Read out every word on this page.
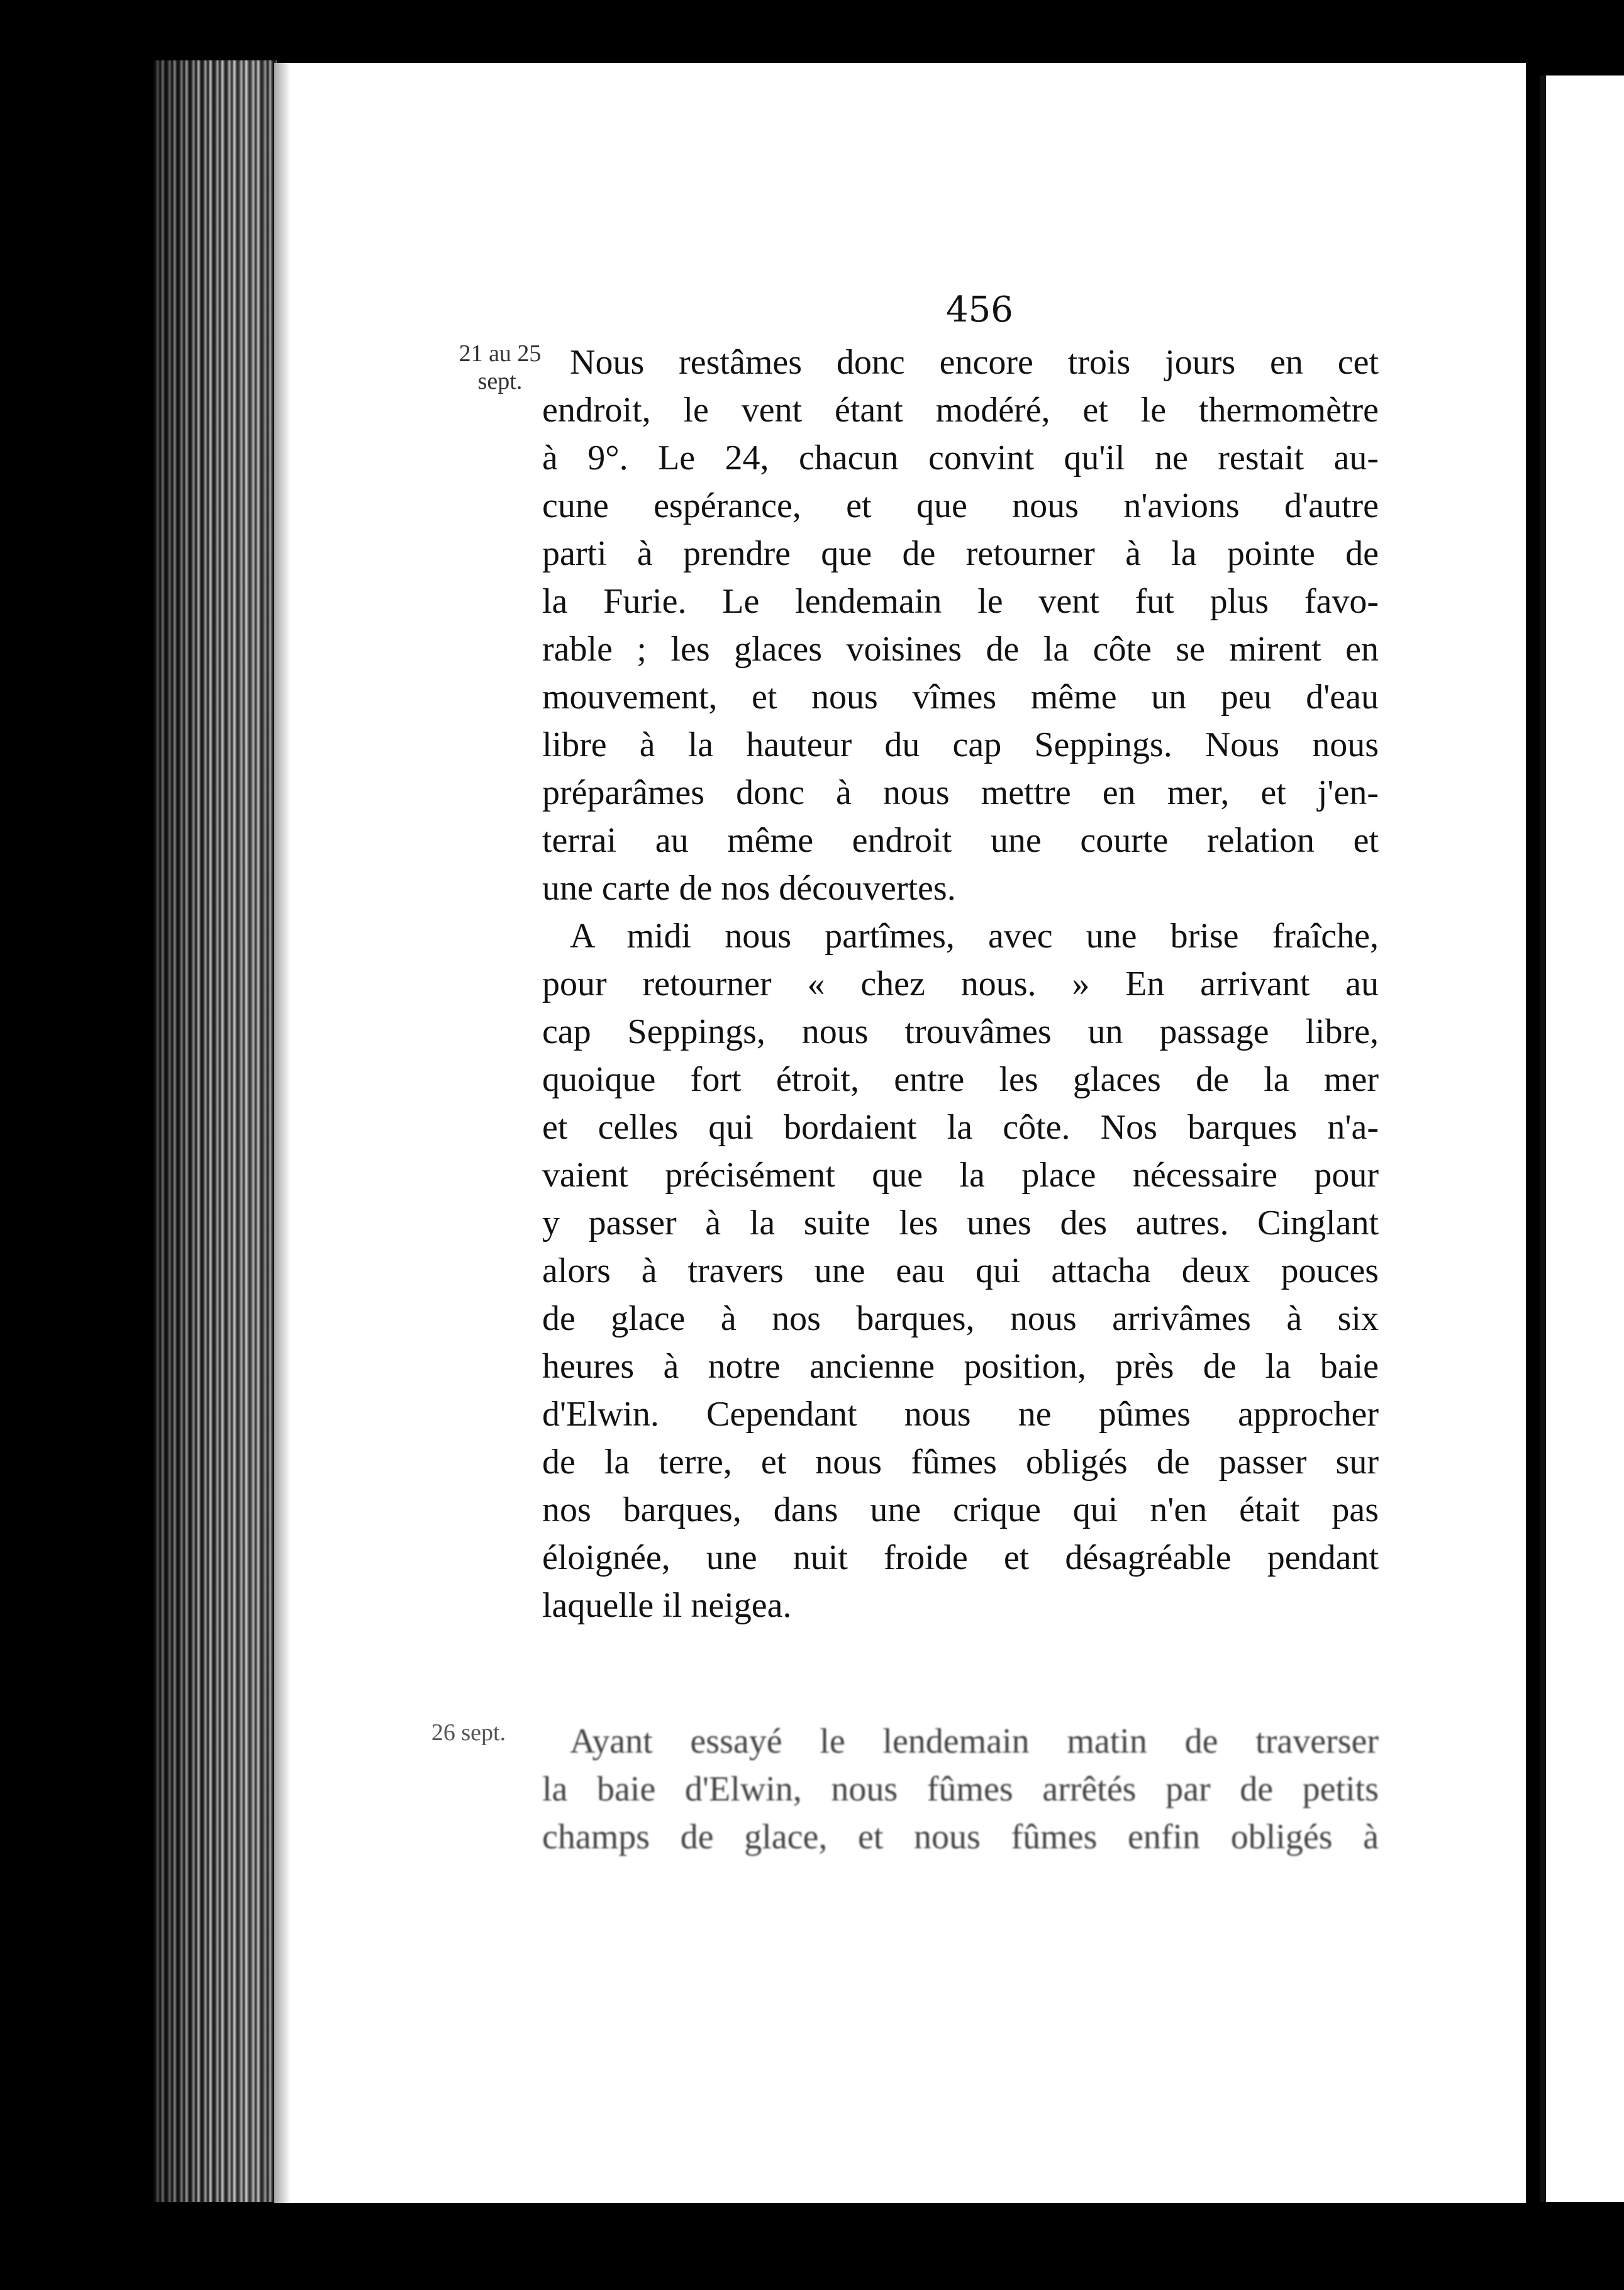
456

21 au 25 sept.

26 sept.

Nous restâmes donc encore trois jours en cet

endroit, le vent étant modéré, et le thermomètre

à 9°. Le 24, chacun convint qu'il ne restait au-

cune espérance, et que nous n'avions d'autre

parti à prendre que de retourner à la pointe de

la Furie. Le lendemain le vent fut plus favo-

rable ; les glaces voisines de la côte se mirent en

mouvement, et nous vîmes même un peu d'eau

libre à la hauteur du cap Seppings. Nous nous

préparâmes donc à nous mettre en mer, et j'en-

terrai au même endroit une courte relation et

une carte de nos découvertes.

A midi nous partîmes, avec une brise fraîche,

pour retourner « chez nous. » En arrivant au

cap Seppings, nous trouvâmes un passage libre,

quoique fort étroit, entre les glaces de la mer

et celles qui bordaient la côte. Nos barques n'a-

vaient précisément que la place nécessaire pour

y passer à la suite les unes des autres. Cinglant

alors à travers une eau qui attacha deux pouces

de glace à nos barques, nous arrivâmes à six

heures à notre ancienne position, près de la baie

d'Elwin. Cependant nous ne pûmes approcher

de la terre, et nous fûmes obligés de passer sur

nos barques, dans une crique qui n'en était pas

éloignée, une nuit froide et désagréable pendant

laquelle il neigea.

Ayant essayé le lendemain matin de traverser

la baie d'Elwin, nous fûmes arrêtés par de petits

champs de glace, et nous fûmes enfin obligés à
